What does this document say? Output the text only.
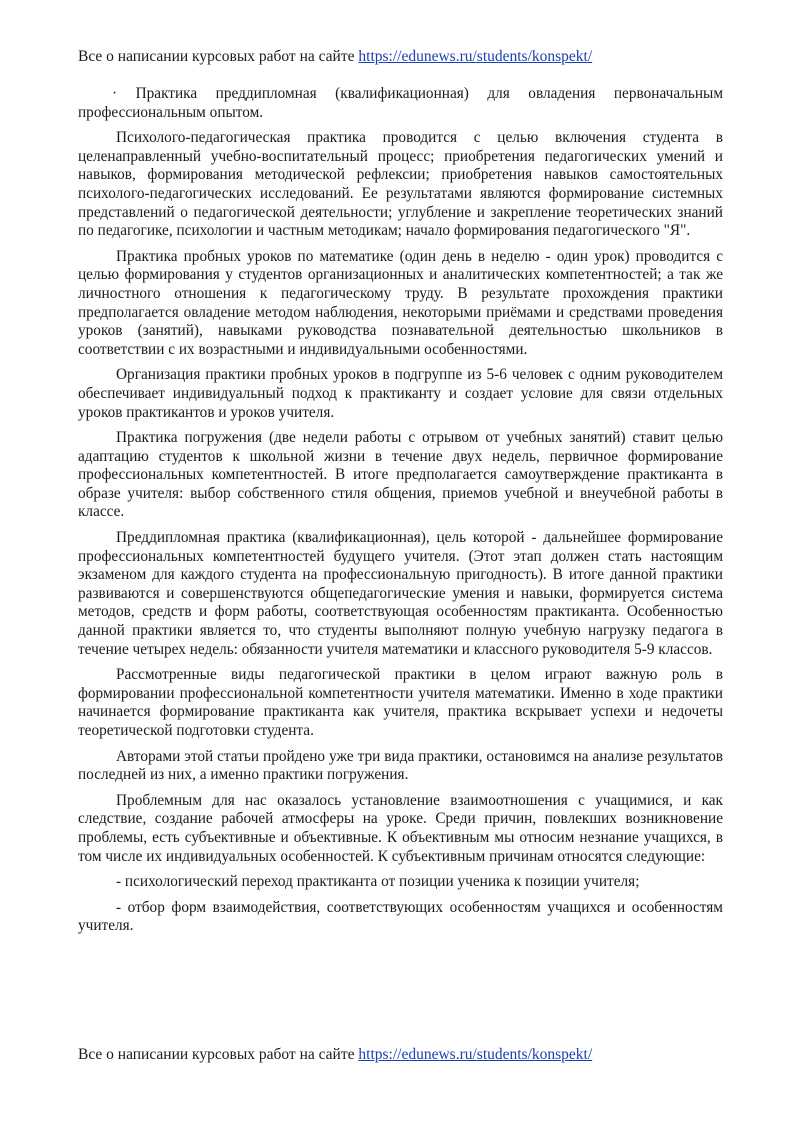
Все о написании курсовых работ на сайте https://edunews.ru/students/konspekt/

· Практика преддипломная (квалификационная) для овладения первоначальным профессиональным опытом.

Психолого-педагогическая практика проводится с целью включения студента в целенаправленный учебно-воспитательный процесс; приобретения педагогических умений и навыков, формирования методической рефлексии; приобретения навыков самостоятельных психолого-педагогических исследований. Ее результатами являются формирование системных представлений о педагогической деятельности; углубление и закрепление теоретических знаний по педагогике, психологии и частным методикам; начало формирования педагогического "Я".

Практика пробных уроков по математике (один день в неделю - один урок) проводится с целью формирования у студентов организационных и аналитических компетентностей; а так же личностного отношения к педагогическому труду. В результате прохождения практики предполагается овладение методом наблюдения, некоторыми приёмами и средствами проведения уроков (занятий), навыками руководства познавательной деятельностью школьников в соответствии с их возрастными и индивидуальными особенностями.

Организация практики пробных уроков в подгруппе из 5-6 человек с одним руководителем обеспечивает индивидуальный подход к практиканту и создает условие для связи отдельных уроков практикантов и уроков учителя.

Практика погружения (две недели работы с отрывом от учебных занятий) ставит целью адаптацию студентов к школьной жизни в течение двух недель, первичное формирование профессиональных компетентностей. В итоге предполагается самоутверждение практиканта в образе учителя: выбор собственного стиля общения, приемов учебной и внеучебной работы в классе.

Преддипломная практика (квалификационная), цель которой - дальнейшее формирование профессиональных компетентностей будущего учителя. (Этот этап должен стать настоящим экзаменом для каждого студента на профессиональную пригодность). В итоге данной практики развиваются и совершенствуются общепедагогические умения и навыки, формируется система методов, средств и форм работы, соответствующая особенностям практиканта. Особенностью данной практики является то, что студенты выполняют полную учебную нагрузку педагога в течение четырех недель: обязанности учителя математики и классного руководителя 5-9 классов.

Рассмотренные виды педагогической практики в целом играют важную роль в формировании профессиональной компетентности учителя математики. Именно в ходе практики начинается формирование практиканта как учителя, практика вскрывает успехи и недочеты теоретической подготовки студента.

Авторами этой статьи пройдено уже три вида практики, остановимся на анализе результатов последней из них, а именно практики погружения.

Проблемным для нас оказалось установление взаимоотношения с учащимися, и как следствие, создание рабочей атмосферы на уроке. Среди причин, повлекших возникновение проблемы, есть субъективные и объективные. К объективным мы относим незнание учащихся, в том числе их индивидуальных особенностей. К субъективным причинам относятся следующие:

- психологический переход практиканта от позиции ученика к позиции учителя;

- отбор форм взаимодействия, соответствующих особенностям учащихся и особенностям учителя.

Все о написании курсовых работ на сайте https://edunews.ru/students/konspekt/
